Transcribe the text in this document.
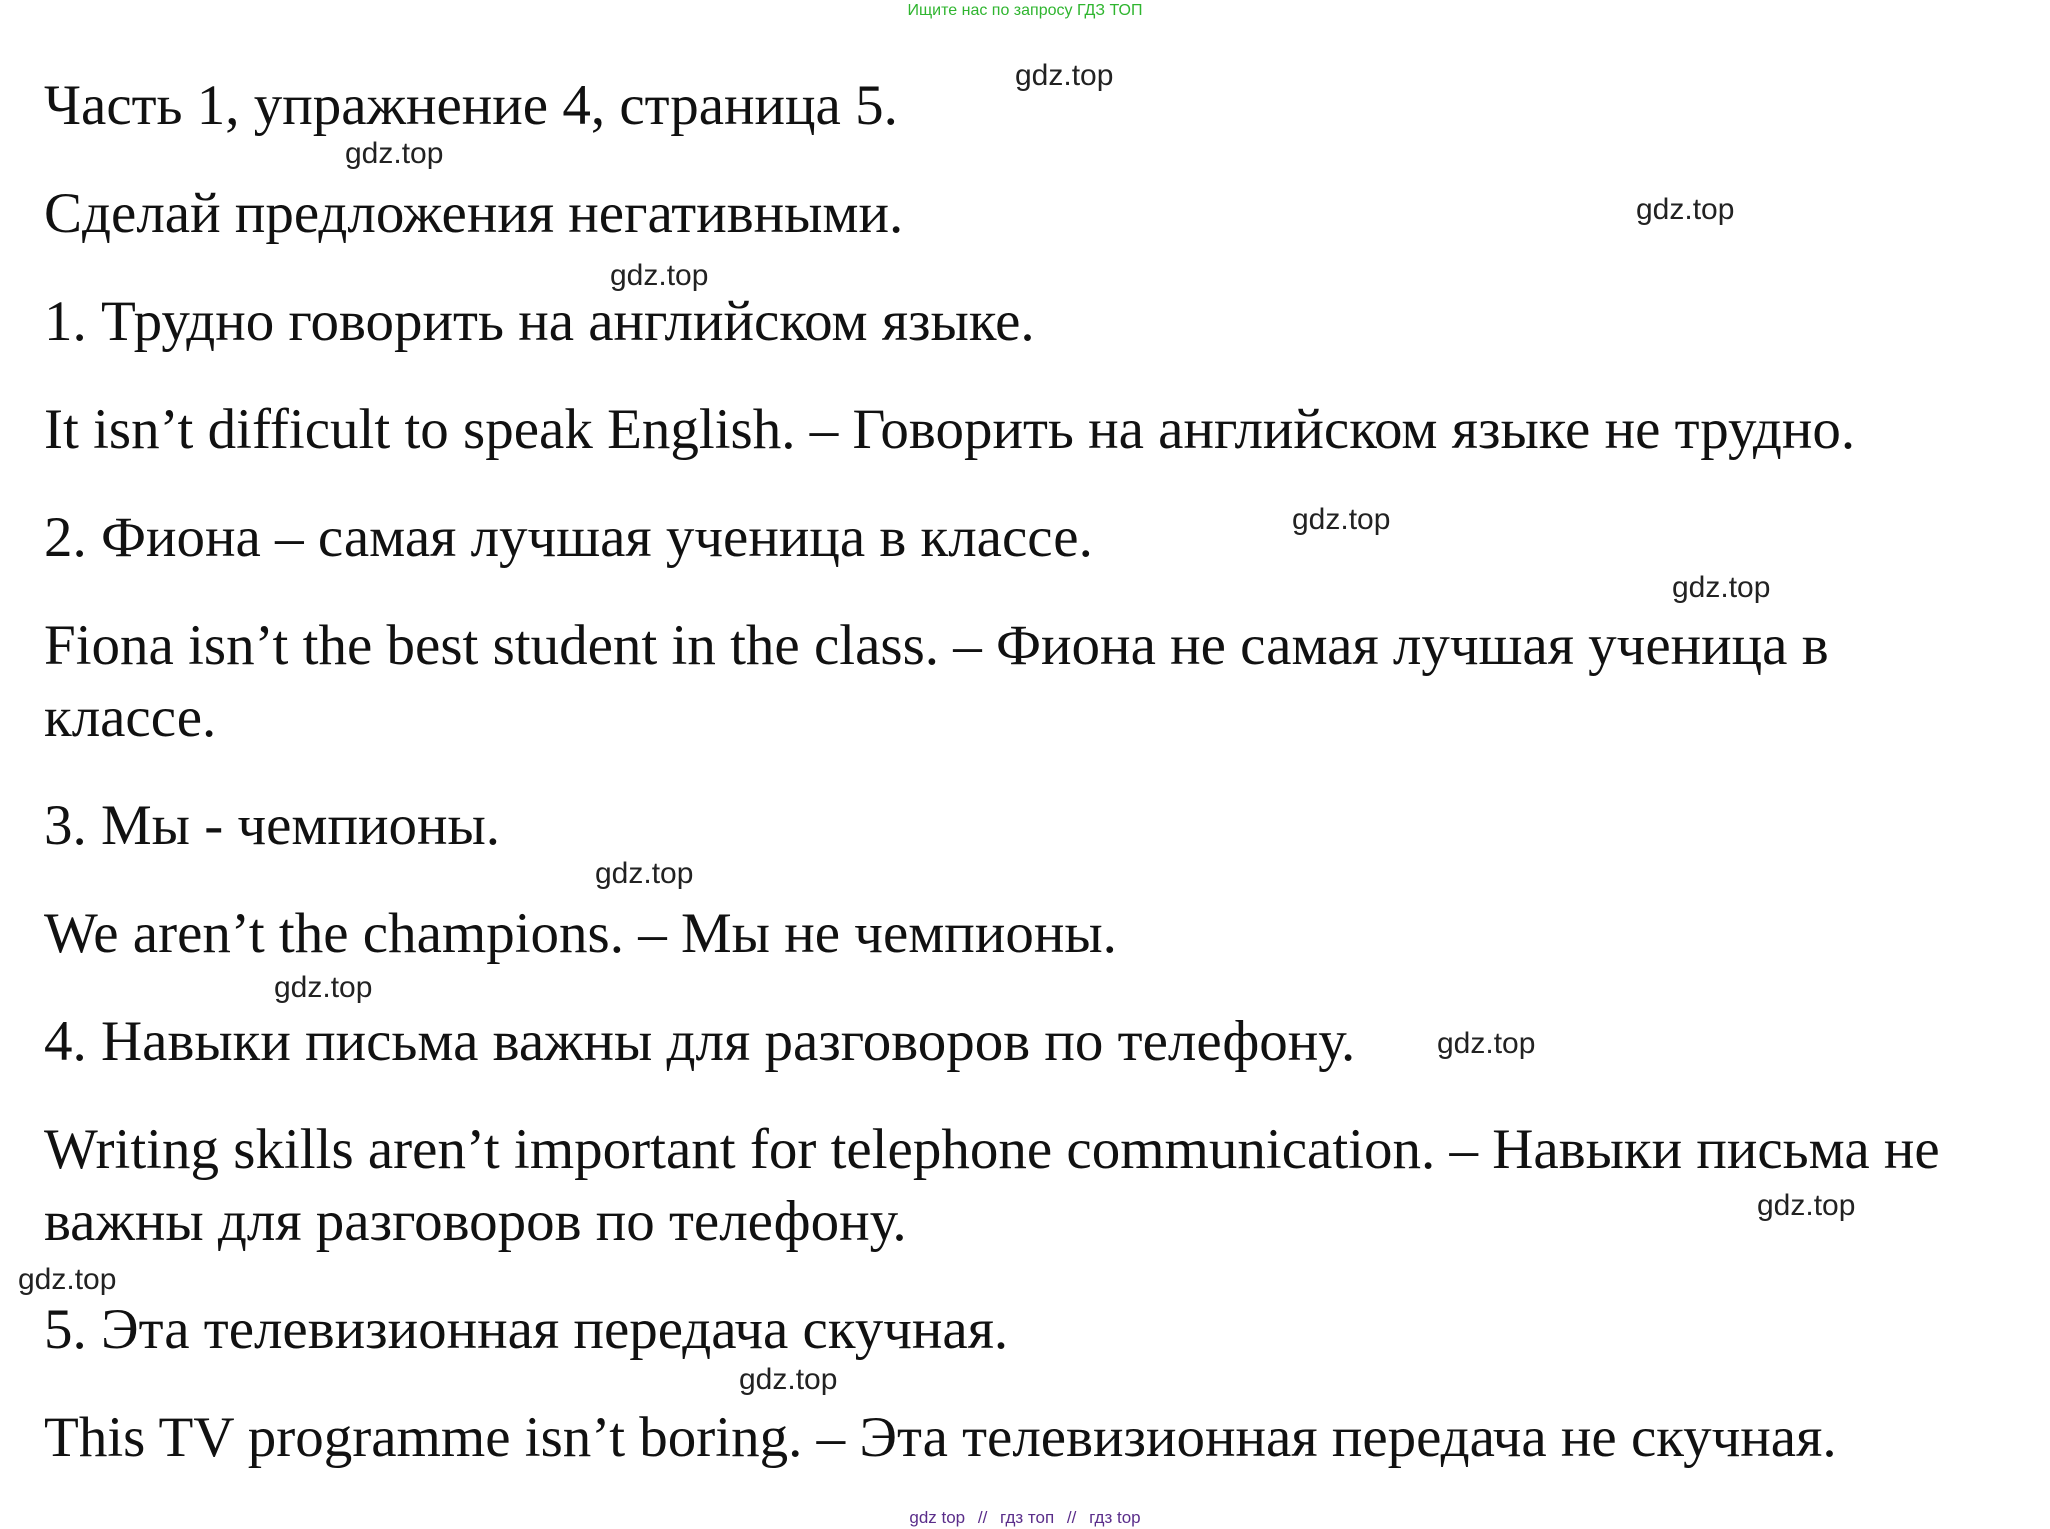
Ищите нас по запросу ГДЗ ТОП
Часть 1, упражнение 4, страница 5.
Сделай предложения негативными.
1. Трудно говорить на английском языке.
It isn’t difficult to speak English. – Говорить на английском языке не трудно.
2. Фиона – самая лучшая ученица в классе.
Fiona isn’t the best student in the class. – Фиона не самая лучшая ученица в
классе.
3. Мы - чемпионы.
We aren’t the champions. – Мы не чемпионы.
4. Навыки письма важны для разговоров по телефону.
Writing skills aren’t important for telephone communication. – Навыки письма не
важны для разговоров по телефону.
5. Эта телевизионная передача скучная.
This TV programme isn’t boring. – Эта телевизионная передача не скучная.
gdz.top
gdz.top
gdz.top
gdz.top
gdz.top
gdz.top
gdz.top
gdz.top
gdz.top
gdz.top
gdz.top
gdz.top
gdz top // гдз топ // гдз top
